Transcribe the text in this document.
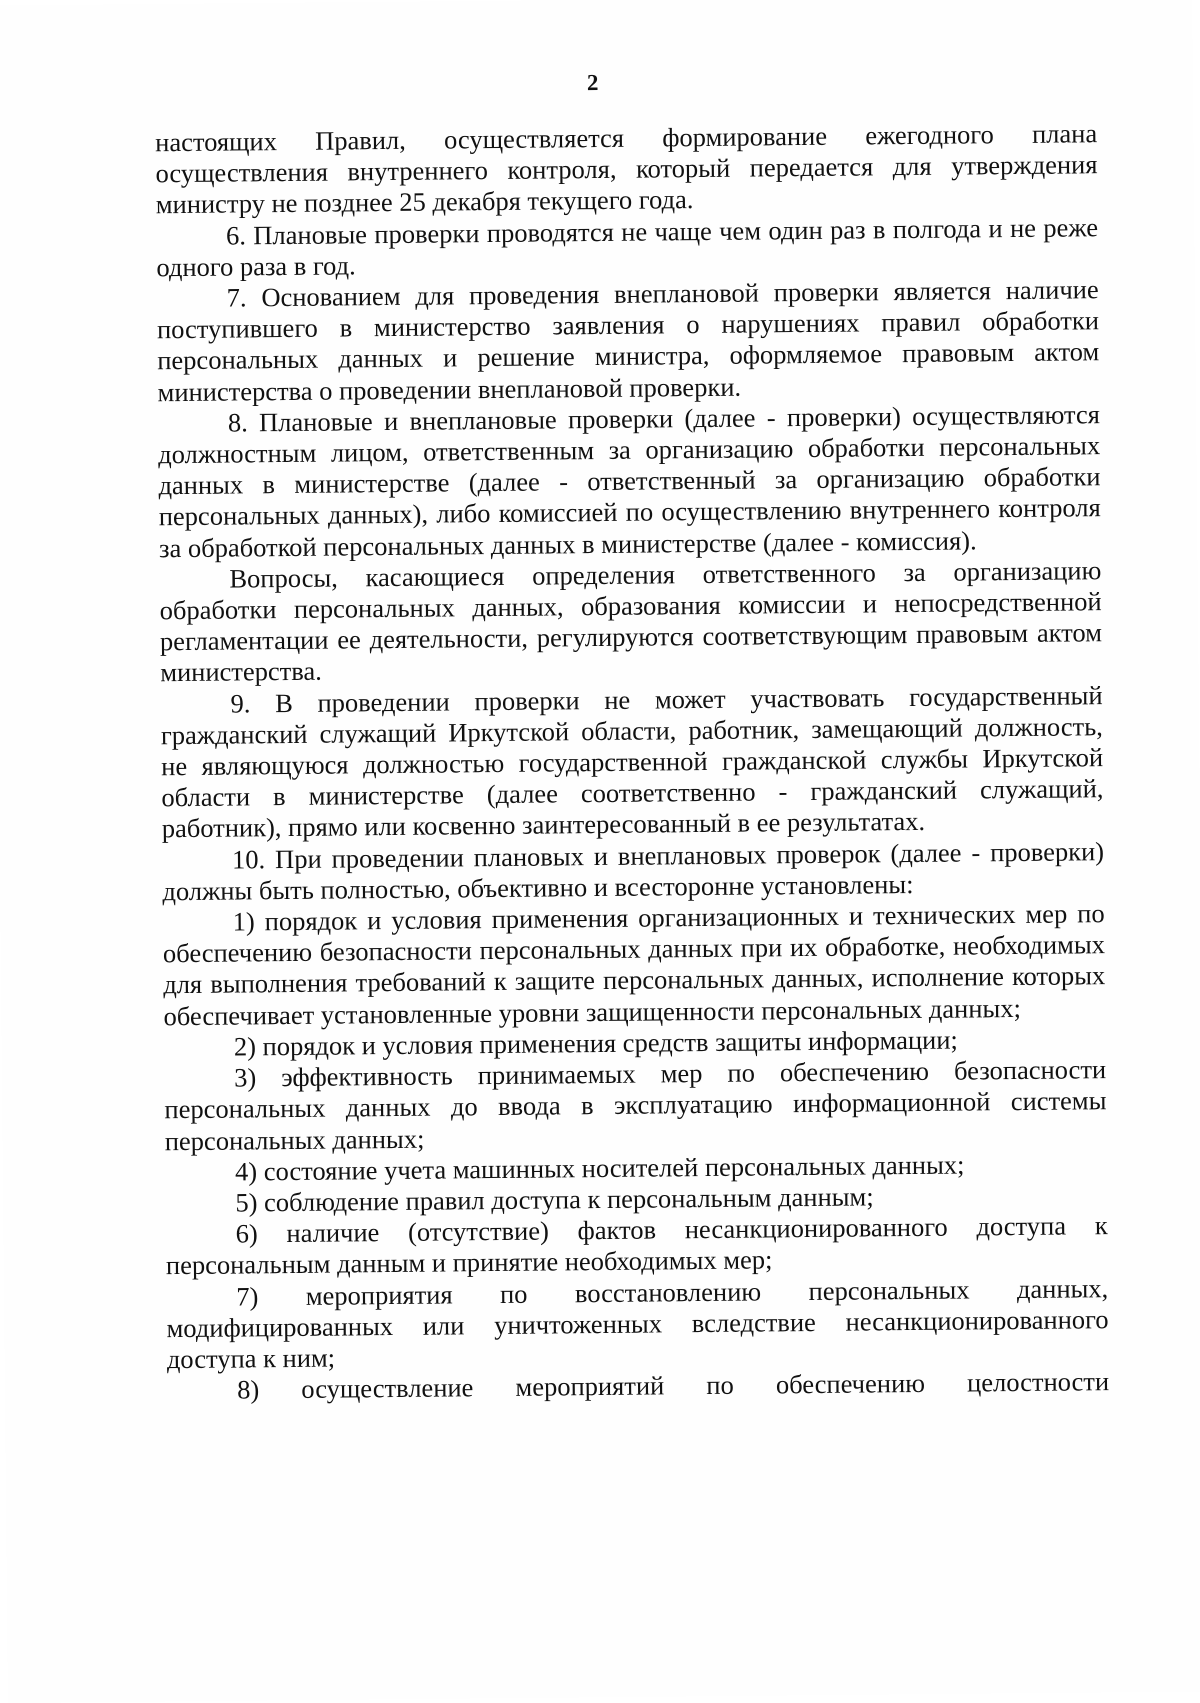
2

настоящих Правил, осуществляется формирование ежегодного плана осуществления внутреннего контроля, который передается для утверждения министру не позднее 25 декабря текущего года.

6. Плановые проверки проводятся не чаще чем один раз в полгода и не реже одного раза в год.

7. Основанием для проведения внеплановой проверки является наличие поступившего в министерство заявления о нарушениях правил обработки персональных данных и решение министра, оформляемое правовым актом министерства о проведении внеплановой проверки.

8. Плановые и внеплановые проверки (далее - проверки) осуществляются должностным лицом, ответственным за организацию обработки персональных данных в министерстве (далее - ответственный за организацию обработки персональных данных), либо комиссией по осуществлению внутреннего контроля за обработкой персональных данных в министерстве (далее - комиссия).

Вопросы, касающиеся определения ответственного за организацию обработки персональных данных, образования комиссии и непосредственной регламентации ее деятельности, регулируются соответствующим правовым актом министерства.

9. В проведении проверки не может участвовать государственный гражданский служащий Иркутской области, работник, замещающий должность, не являющуюся должностью государственной гражданской службы Иркутской области в министерстве (далее соответственно - гражданский служащий, работник), прямо или косвенно заинтересованный в ее результатах.

10. При проведении плановых и внеплановых проверок (далее - проверки) должны быть полностью, объективно и всесторонне установлены:

1) порядок и условия применения организационных и технических мер по обеспечению безопасности персональных данных при их обработке, необходимых для выполнения требований к защите персональных данных, исполнение которых обеспечивает установленные уровни защищенности персональных данных;

2) порядок и условия применения средств защиты информации;

3) эффективность принимаемых мер по обеспечению безопасности персональных данных до ввода в эксплуатацию информационной системы персональных данных;

4) состояние учета машинных носителей персональных данных;

5) соблюдение правил доступа к персональным данным;

6) наличие (отсутствие) фактов несанкционированного доступа к персональным данным и принятие необходимых мер;

7) мероприятия по восстановлению персональных данных, модифицированных или уничтоженных вследствие несанкционированного доступа к ним;

8) осуществление мероприятий по обеспечению целостности
